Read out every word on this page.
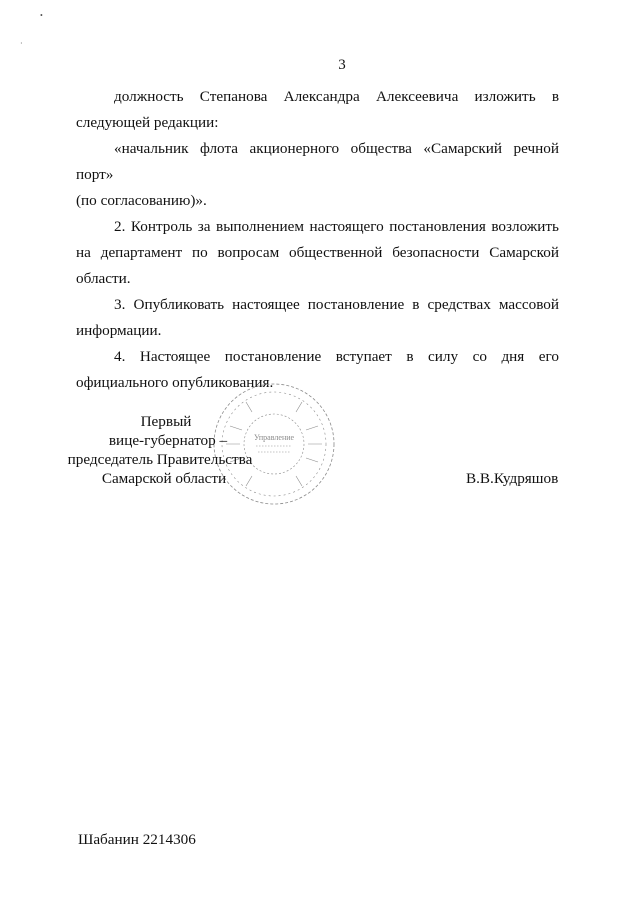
•
·
3

должность Степанова Александра Алексеевича изложить в

следующей редакции:

«начальник флота акционерного общества «Самарский речной порт»

(по согласованию)».

2. Контроль за выполнением настоящего постановления возложить на департамент по вопросам общественной безопасности Самарской области.

3. Опубликовать настоящее постановление в средствах массовой информации.

4. Настоящее постановление вступает в силу со дня его

официального опубликования.

Управление
Первый
вице-губернатор –
председатель Правительства
Самарской области	В.В.Кудряшов
Шабанин 2214306
